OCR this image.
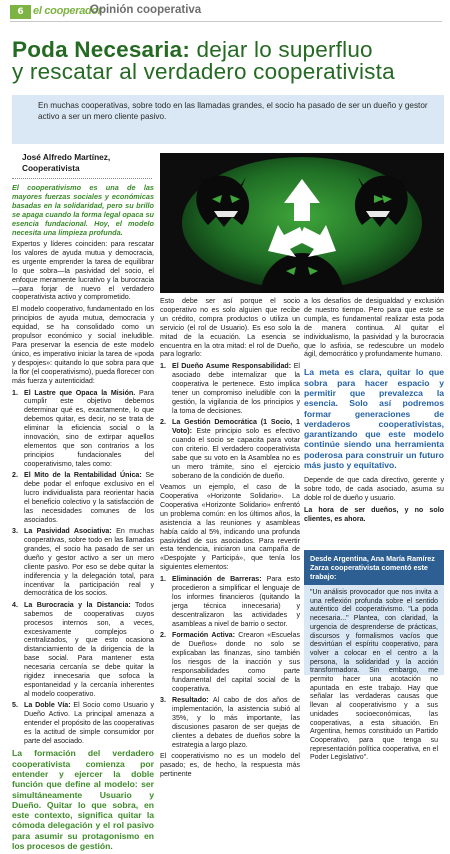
6 el cooperador
Opinión cooperativa
Poda Necesaria: dejar lo superfluo
y rescatar al verdadero cooperativista
En muchas cooperativas, sobre todo en las llamadas grandes, el socio ha pasado de ser un dueño y gestor activo a ser un mero cliente pasivo.
José Alfredo Martínez,
Cooperativista

El cooperativismo es una de las mayores fuerzas sociales y económicas basadas en la solidaridad, pero su brillo se apaga cuando la forma legal opaca su esencia fundacional. Hoy, el modelo necesita una limpieza profunda.

Expertos y líderes coinciden: para rescatar los valores de ayuda mutua y democracia, es urgente emprender la tarea de equilibrar lo que sobra—la pasividad del socio, el enfoque meramente lucrativo y la burocracia—para forjar de nuevo el verdadero cooperativista activo y comprometido.

El modelo cooperativo, fundamentado en los principios de ayuda mutua, democracia y equidad, se ha consolidado como un propulsor económico y social ineludible. Para preservar la esencia de este modelo único, es imperativo iniciar la tarea de «poda y despojes»: quitando lo que sobra para que la flor (el cooperativismo), pueda florecer con más fuerza y autenticidad:

1. El Lastre que Opaca la Misión. Para cumplir este objetivo debemos determinar qué es, exactamente, lo que debemos quitar, es decir, no se trata de eliminar la eficiencia social o la innovación, sino de extirpar aquellos elementos que son contrarios a los principios fundacionales del cooperativismo, tales como:
2. El Mito de la Rentabilidad Única: Se debe podar el enfoque exclusivo en el lucro individualista para reorientar hacia el beneficio colectivo y la satisfacción de las necesidades comunes de los asociados.
3. La Pasividad Asociativa: En muchas cooperativas, sobre todo en las llamadas grandes, el socio ha pasado de ser un dueño y gestor activo a ser un mero cliente pasivo. Por eso se debe quitar la indiferencia y la delegación total, para incentivar la participación real y democrática de los socios.
4. La Burocracia y la Distancia: Todos sabemos de cooperativas cuyos procesos internos son, a veces, excesivamente complejos o centralizados, y que esto ocasiona distanciamiento de la dirigencia de la base social. Para mantener esta necesaria cercanía se debe quitar la rigidez innecesaria que sofoca la espontaneidad y la cercanía inherentes al modelo cooperativo.
5. La Doble Vía: El Socio como Usuario y Dueño Activo. La principal amenaza a entender el propósito de las cooperativas es la actitud de simple consumidor por parte del asociado.

La formación del verdadero cooperativista comienza por entender y ejercer la doble función que define al modelo: ser simultáneamente Usuario y Dueño. Quitar lo que sobra, en este contexto, significa quitar la cómoda delegación y el rol pasivo para asumir su protagonismo en los procesos de gestión.

Esto debe ser así porque el socio cooperativo no es solo alguien que recibe un crédito, compra productos o utiliza un servicio (el rol de Usuario). Es eso solo la mitad de la ecuación. La esencia se encuentra en la otra mitad: el rol de Dueño, para lograrlo:

1. El Dueño Asume Responsabilidad: El asociado debe internalizar que la cooperativa le pertenece. Esto implica tener un compromiso ineludible con la gestión, la vigilancia de los principios y la toma de decisiones.
2. La Gestión Democrática (1 Socio, 1 Voto): Este principio solo es efectivo cuando el socio se capacita para votar con criterio. El verdadero cooperativista sabe que su voto en la Asamblea no es un mero trámite, sino el ejercicio soberano de la condición de dueño.

Veamos un ejemplo, el caso de la Cooperativa «Horizonte Solidario». La Cooperativa «Horizonte Solidario» enfrentó un problema común: en los últimos años, la asistencia a las reuniones y asambleas había caído al 5%, indicando una profunda pasividad de sus asociados. Para revertir esta tendencia, iniciaron una campaña de «Despojate y Participá», que tenía los siguientes elementos:

1. Eliminación de Barreras: Para esto procedieron a simplificar el lenguaje de los informes financieros (quitando la jerga técnica innecesaria) y descentralizaron las actividades y asambleas a nivel de barrio o sector.
2. Formación Activa: Crearon «Escuelas de Dueños» donde no solo se explicaban las finanzas, sino también los riesgos de la inacción y sus responsabilidades como parte fundamental del capital social de la cooperativa.
3. Resultado: Al cabo de dos años de implementación, la asistencia subió al 35%, y lo más importante, las discusiones pasaron de ser quejas de clientes a debates de dueños sobre la estrategia a largo plazo.

El cooperativismo no es un modelo del pasado; es, de hecho, la respuesta más pertinente

a los desafíos de desigualdad y exclusión de nuestro tiempo. Pero para que este se cumpla, es fundamental realizar esta poda de manera continua. Al quitar el individualismo, la pasividad y la burocracia que lo asfixia, se redescubre un modelo ágil, democrático y profundamente humano.

La meta es clara, quitar lo que sobra para hacer espacio y permitir que prevalezca la esencia. Solo así podremos formar generaciones de verdaderos cooperativistas, garantizando que este modelo continúe siendo una herramienta poderosa para construir un futuro más justo y equitativo.

Depende de que cada directivo, gerente y sobre todo, de cada asociado, asuma su doble rol de dueño y usuario.

La hora de ser dueños, y no solo clientes, es ahora.

Desde Argentina, Ana María Ramírez Zarza cooperativista comentó este trabajo:
"Un análisis provocador que nos invita a una reflexión profunda sobre el sentido auténtico del cooperativismo. "La poda necesaria..." Plantea, con claridad, la urgencia de desprenderse de prácticas, discursos y formalismos vacíos que desvirtúan el espíritu cooperativo, para volver a colocar en el centro a la persona, la solidaridad y la acción transformadora. Sin embargo, me permito hacer una acotación no apuntada en este trabajo. Hay que señalar las verdaderas causas que llevan al cooperativismo y a sus unidades socioeconómicas, las cooperativas, a esta situación. En Argentina, hemos constituido un Partido Cooperativo, para que tenga su representación política cooperativa, en el Poder Legislativo".
